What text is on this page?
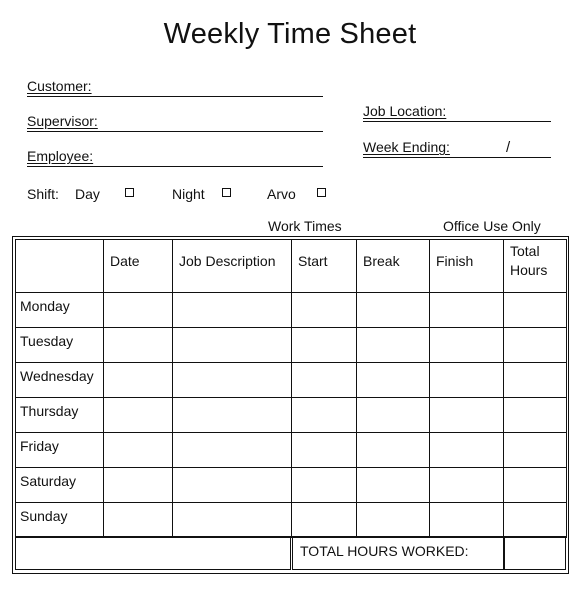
Weekly Time Sheet
Customer:
Supervisor:
Employee:
Job Location:
Week Ending:	/
Shift: Day	Night	Arvo
Work Times	Office Use Only
	Date	Job Description	Start	Break	Finish	Total Hours
Monday						
Tuesday						
Wednesday						
Thursday						
Friday						
Saturday						
Sunday						
TOTAL HOURS WORKED:
